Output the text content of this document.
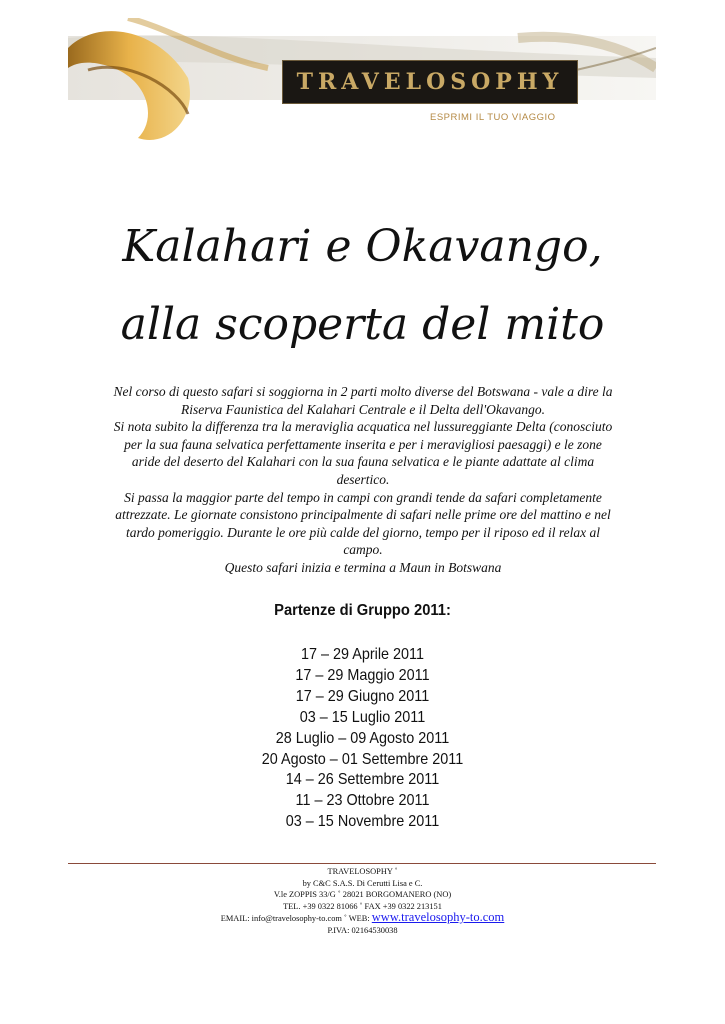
TRAVELOSOPHY
ESPRIMI IL TUO VIAGGIO
Kalahari e Okavango,
alla scoperta del mito

Nel corso di questo safari si soggiorna in 2 parti molto diverse del Botswana - vale a dire la Riserva Faunistica del Kalahari Centrale e il Delta dell'Okavango.

Si nota subito la differenza tra la meraviglia acquatica nel lussureggiante Delta (conosciuto per la sua fauna selvatica perfettamente inserita e per i meravigliosi paesaggi) e le zone aride del deserto del Kalahari con la sua fauna selvatica e le piante adattate al clima desertico.

Si passa la maggior parte del tempo in campi con grandi tende da safari completamente attrezzate. Le giornate consistono principalmente di safari nelle prime ore del mattino e nel tardo pomeriggio. Durante le ore più calde del giorno, tempo per il riposo ed il relax al campo.

Questo safari inizia e termina a Maun in Botswana

Partenze di Gruppo 2011:
17 – 29 Aprile 2011
17 – 29 Maggio 2011
17 – 29 Giugno 2011
03 – 15 Luglio 2011
28 Luglio – 09 Agosto 2011
20 Agosto – 01 Settembre 2011
14 – 26 Settembre 2011
11 – 23 Ottobre 2011
03 – 15 Novembre 2011
TRAVELOSOPHY ˚
by C&C S.A.S. Di Cerutti Lisa e C.
V.le ZOPPIS 33/G ˚ 28021 BORGOMANERO (NO)
TEL. +39 0322 81066 ˚ FAX +39 0322 213151
EMAIL: info@travelosophy-to.com ˚ WEB: www.travelosophy-to.com
P.IVA: 02164530038
